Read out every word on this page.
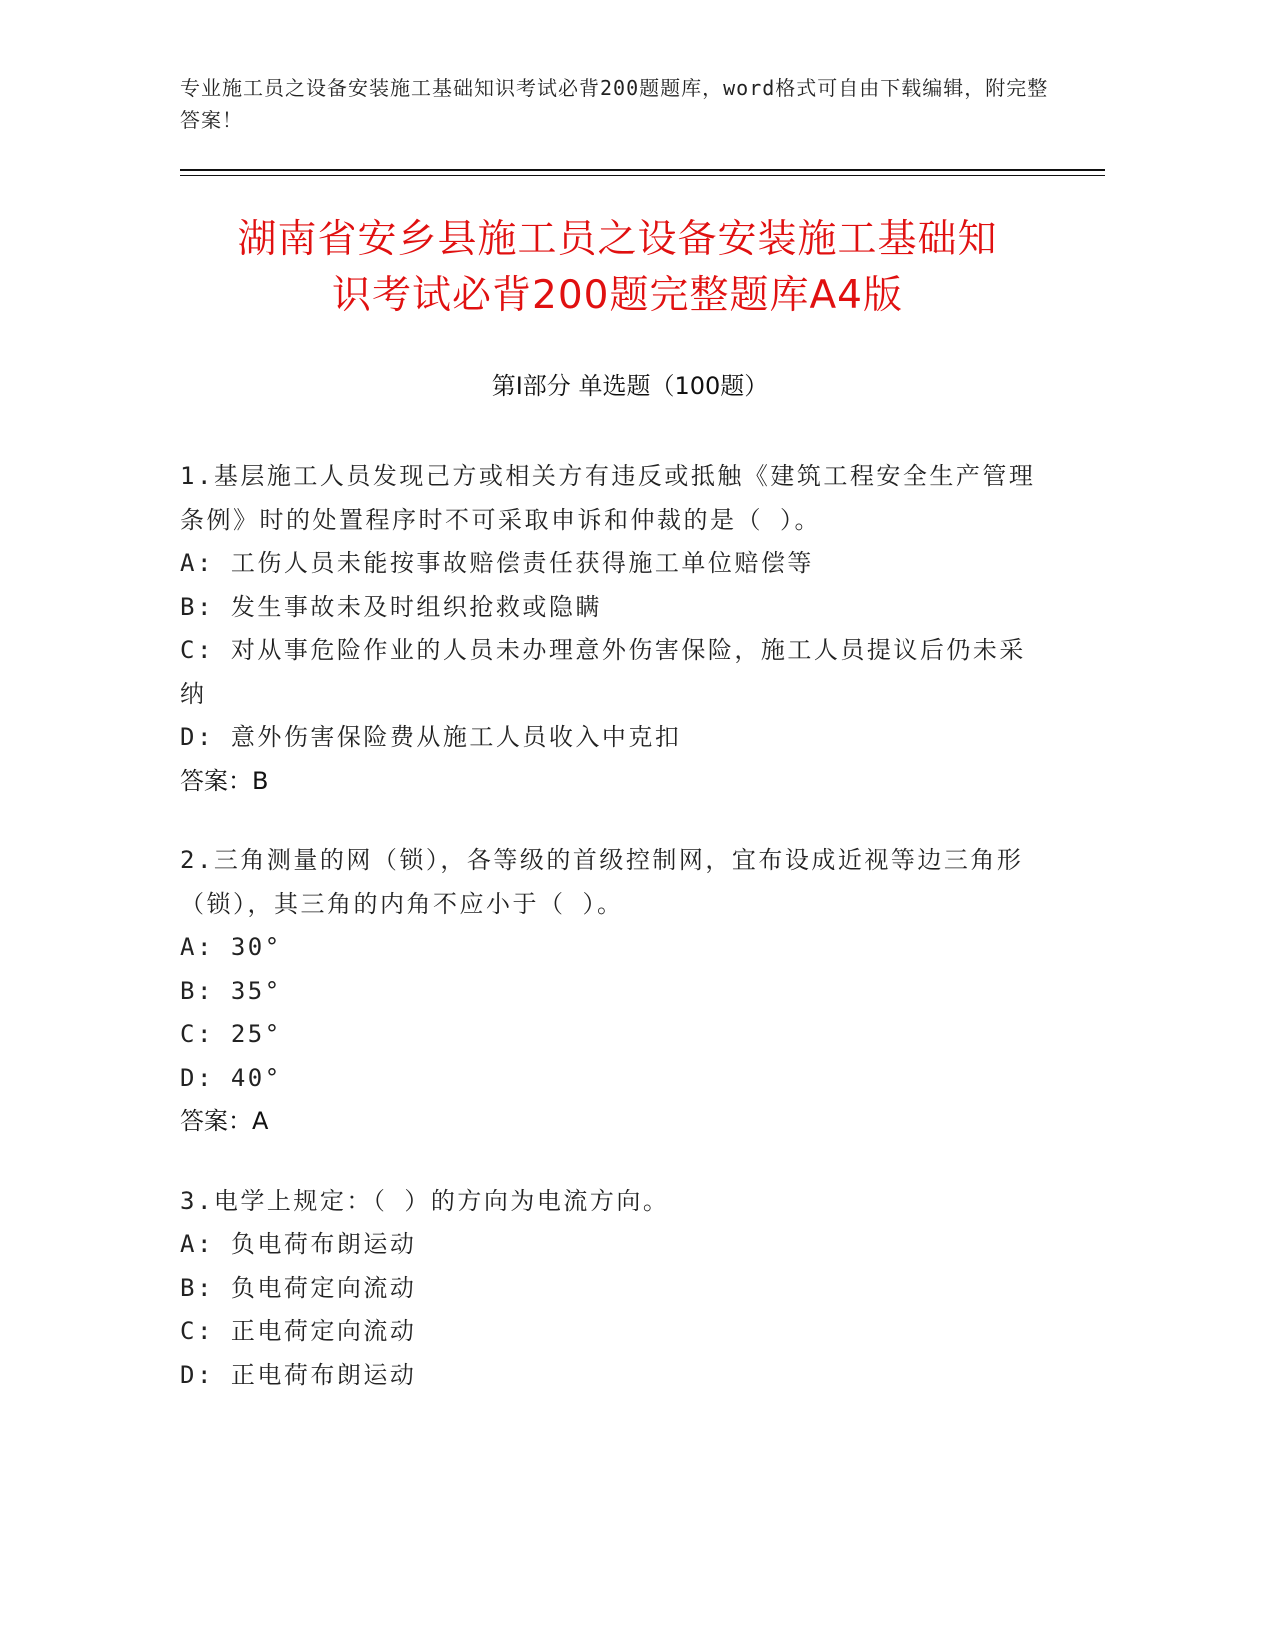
专业施工员之设备安装施工基础知识考试必背200题题库，word格式可自由下载编辑，附完整答案！
湖南省安乡县施工员之设备安装施工基础知
识考试必背200题完整题库A4版
第I部分 单选题（100题）

1.基层施工人员发现己方或相关方有违反或抵触《建筑工程安全生产管理条例》时的处置程序时不可采取申诉和仲裁的是（ ）。

A: 工伤人员未能按事故赔偿责任获得施工单位赔偿等

B: 发生事故未及时组织抢救或隐瞒

C: 对从事危险作业的人员未办理意外伤害保险，施工人员提议后仍未采纳

D: 意外伤害保险费从施工人员收入中克扣

答案：B

2.三角测量的网（锁），各等级的首级控制网，宜布设成近视等边三角形（锁），其三角的内角不应小于（ ）。

A: 30°

B: 35°

C: 25°

D: 40°

答案：A

3.电学上规定：（ ）的方向为电流方向。

A: 负电荷布朗运动

B: 负电荷定向流动

C: 正电荷定向流动

D: 正电荷布朗运动
